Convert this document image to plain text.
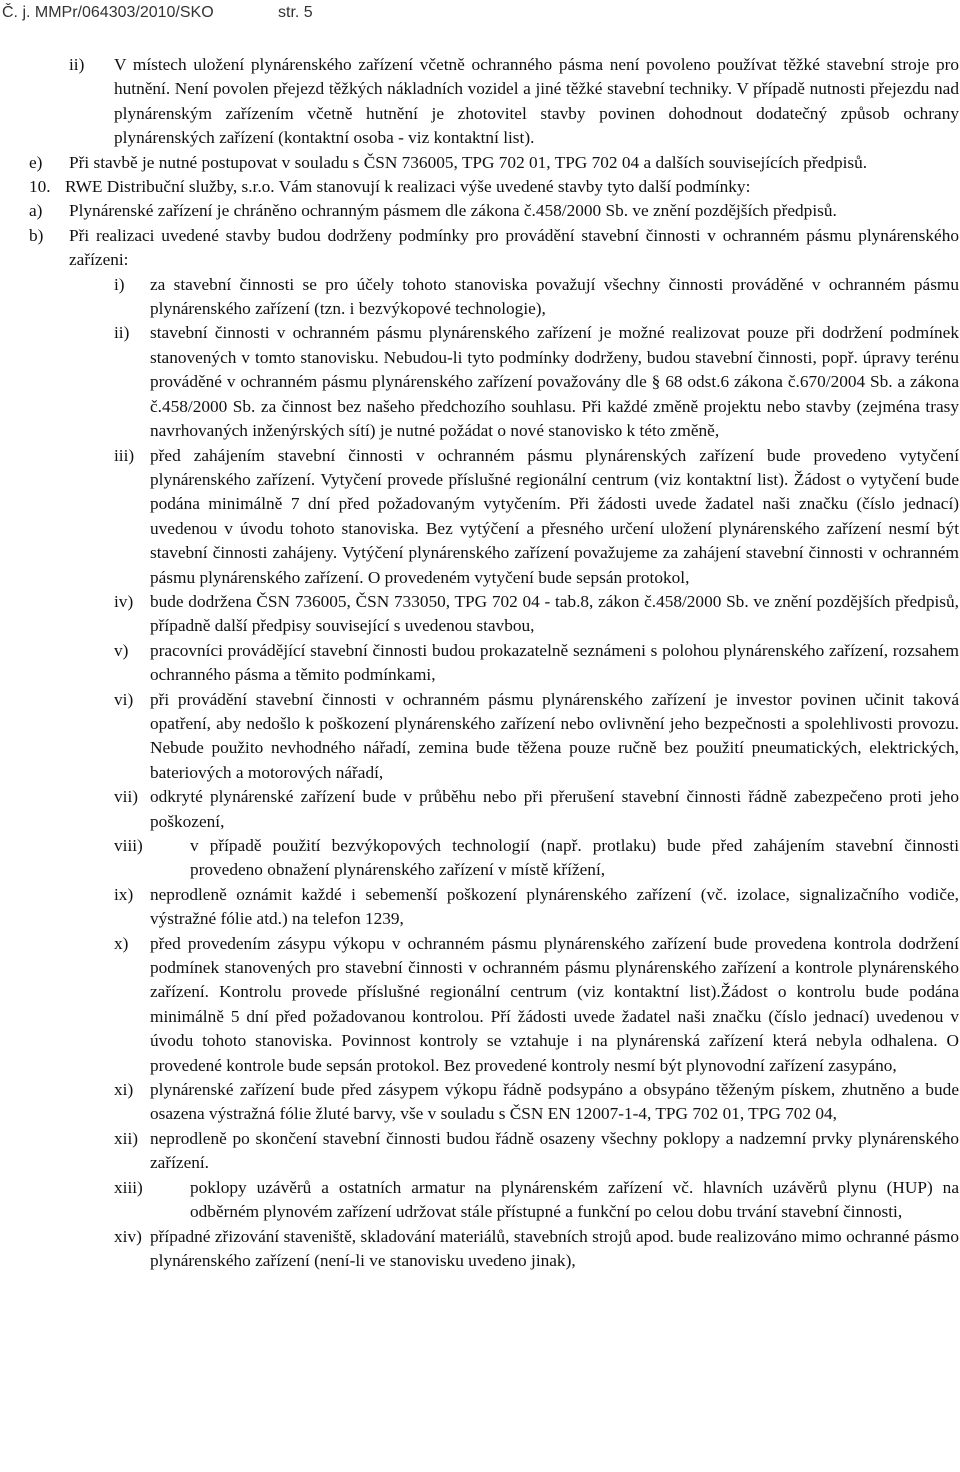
Č. j. MMPr/064303/2010/SKO	str. 5
ii)	V místech uložení plynárenského zařízení včetně ochranného pásma není povoleno používat těžké stavební stroje pro hutnění. Není povolen přejezd těžkých nákladních vozidel a jiné těžké stavební techniky. V případě nutnosti přejezdu nad plynárenským zařízením včetně hutnění je zhotovitel stavby povinen dohodnout dodatečný způsob ochrany plynárenských zařízení (kontaktní osoba - viz kontaktní list).
e)	Při stavbě je nutné postupovat v souladu s ČSN 736005, TPG 702 01, TPG 702 04 a dalších souvisejících předpisů.
10. RWE Distribuční služby, s.r.o. Vám stanovují k realizaci výše uvedené stavby tyto další podmínky:
a)	Plynárenské zařízení je chráněno ochranným pásmem dle zákona č.458/2000 Sb. ve znění pozdějších předpisů.
b)	Při realizaci uvedené stavby budou dodrženy podmínky pro provádění stavební činnosti v ochranném pásmu plynárenského zařízeni:
i)	za stavební činnosti se pro účely tohoto stanoviska považují všechny činnosti prováděné v ochranném pásmu plynárenského zařízení (tzn. i bezvýkopové technologie),
ii)	stavební činnosti v ochranném pásmu plynárenského zařízení je možné realizovat pouze při dodržení podmínek stanovených v tomto stanovisku. Nebudou-li tyto podmínky dodrženy, budou stavební činnosti, popř. úpravy terénu prováděné v ochranném pásmu plynárenského zařízení považovány dle § 68 odst.6 zákona č.670/2004 Sb. a zákona č.458/2000 Sb. za činnost bez našeho předchozího souhlasu. Při každé změně projektu nebo stavby (zejména trasy navrhovaných inženýrských sítí) je nutné požádat o nové stanovisko k této změně,
iii) před zahájením stavební činnosti v ochranném pásmu plynárenských zařízení bude provedeno vytyčení plynárenského zařízení. Vytyčení provede příslušné regionální centrum (viz kontaktní list). Žádost o vytyčení bude podána minimálně 7 dní před požadovaným vytyčením. Při žádosti uvede žadatel naši značku (číslo jednací) uvedenou v úvodu tohoto stanoviska. Bez vytýčení a přesného určení uložení plynárenského zařízení nesmí být stavební činnosti zahájeny. Vytýčení plynárenského zařízení považujeme za zahájení stavební činnosti v ochranném pásmu plynárenského zařízení. O provedeném vytyčení bude sepsán protokol,
iv) bude dodržena ČSN 736005, ČSN 733050, TPG 702 04 - tab.8, zákon č.458/2000 Sb. ve znění pozdějších předpisů, případně další předpisy související s uvedenou stavbou,
v)	pracovníci provádějící stavební činnosti budou prokazatelně seznámeni s polohou plynárenského zařízení, rozsahem ochranného pásma a těmito podmínkami,
vi) při provádění stavební činnosti v ochranném pásmu plynárenského zařízení je investor povinen učinit taková opatření, aby nedošlo k poškození plynárenského zařízení nebo ovlivnění jeho bezpečnosti a spolehlivosti provozu. Nebude použito nevhodného nářadí, zemina bude těžena pouze ručně bez použití pneumatických, elektrických, bateriových a motorových nářadí,
vii) odkryté plynárenské zařízení bude v průběhu nebo při přerušení stavební činnosti řádně zabezpečeno proti jeho poškození,
viii)	v případě použití bezvýkopových technologií (např. protlaku) bude před zahájením stavební činnosti provedeno obnažení plynárenského zařízení v místě křížení,
ix) neprodleně oznámit každé i sebemenší poškození plynárenského zařízení (vč. izolace, signalizačního vodiče, výstražné fólie atd.) na telefon 1239,
x)	před provedením zásypu výkopu v ochranném pásmu plynárenského zařízení bude provedena kontrola dodržení podmínek stanovených pro stavební činnosti v ochranném pásmu plynárenského zařízení a kontrole plynárenského zařízení. Kontrolu provede příslušné regionální centrum (viz kontaktní list).Žádost o kontrolu bude podána minimálně 5 dní před požadovanou kontrolou. Pří žádosti uvede žadatel naši značku (číslo jednací) uvedenou v úvodu tohoto stanoviska. Povinnost kontroly se vztahuje i na plynárenská zařízení která nebyla odhalena. O provedené kontrole bude sepsán protokol. Bez provedené kontroly nesmí být plynovodní zařízení zasypáno,
xi) plynárenské zařízení bude před zásypem výkopu řádně podsypáno a obsypáno těženým pískem, zhutněno a bude osazena výstražná fólie žluté barvy, vše v souladu s ČSN EN 12007-1-4, TPG 702 01, TPG 702 04,
xii) neprodleně po skončení stavební činnosti budou řádně osazeny všechny poklopy a nadzemní prvky plynárenského zařízení.
xiii)	poklopy uzávěrů a ostatních armatur na plynárenském zařízení vč. hlavních uzávěrů plynu (HUP) na odběrném plynovém zařízení udržovat stále přístupné a funkční po celou dobu trvání stavební činnosti,
xiv) případné zřizování staveniště, skladování materiálů, stavebních strojů apod. bude realizováno mimo ochranné pásmo plynárenského zařízení (není-li ve stanovisku uvedeno jinak),
